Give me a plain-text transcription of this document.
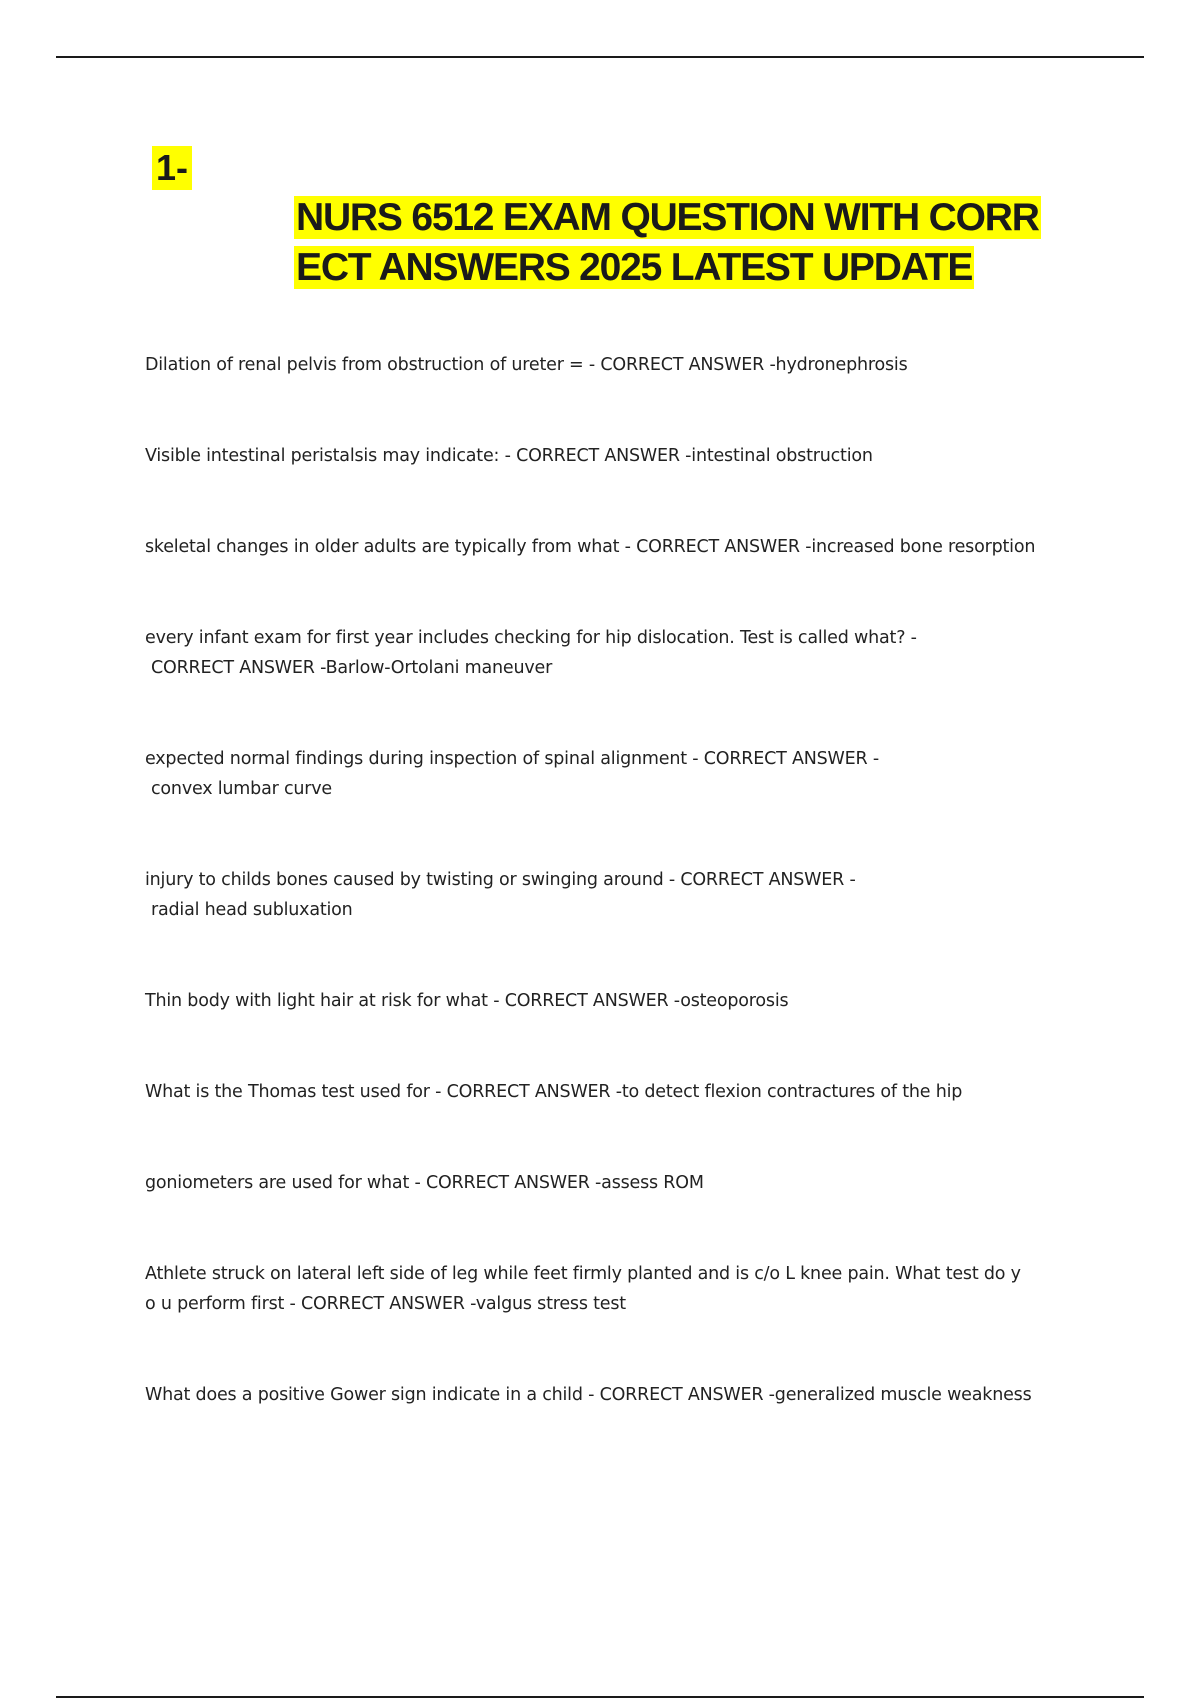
1-
NURS 6512 EXAM QUESTION WITH CORR
ECT ANSWERS 2025 LATEST UPDATE
Dilation of renal pelvis from obstruction of ureter = - CORRECT ANSWER -hydronephrosis
Visible intestinal peristalsis may indicate: - CORRECT ANSWER -intestinal obstruction
skeletal changes in older adults are typically from what - CORRECT ANSWER -increased bone resorption
every infant exam for first year includes checking for hip dislocation. Test is called what? -
CORRECT ANSWER -Barlow-Ortolani maneuver
expected normal findings during inspection of spinal alignment - CORRECT ANSWER -
convex lumbar curve
injury to childs bones caused by twisting or swinging around - CORRECT ANSWER -
radial head subluxation
Thin body with light hair at risk for what - CORRECT ANSWER -osteoporosis
What is the Thomas test used for - CORRECT ANSWER -to detect flexion contractures of the hip
goniometers are used for what - CORRECT ANSWER -assess ROM
Athlete struck on lateral left side of leg while feet firmly planted and is c/o L knee pain. What test do y
o u perform first - CORRECT ANSWER -valgus stress test
What does a positive Gower sign indicate in a child - CORRECT ANSWER -generalized muscle weakness
